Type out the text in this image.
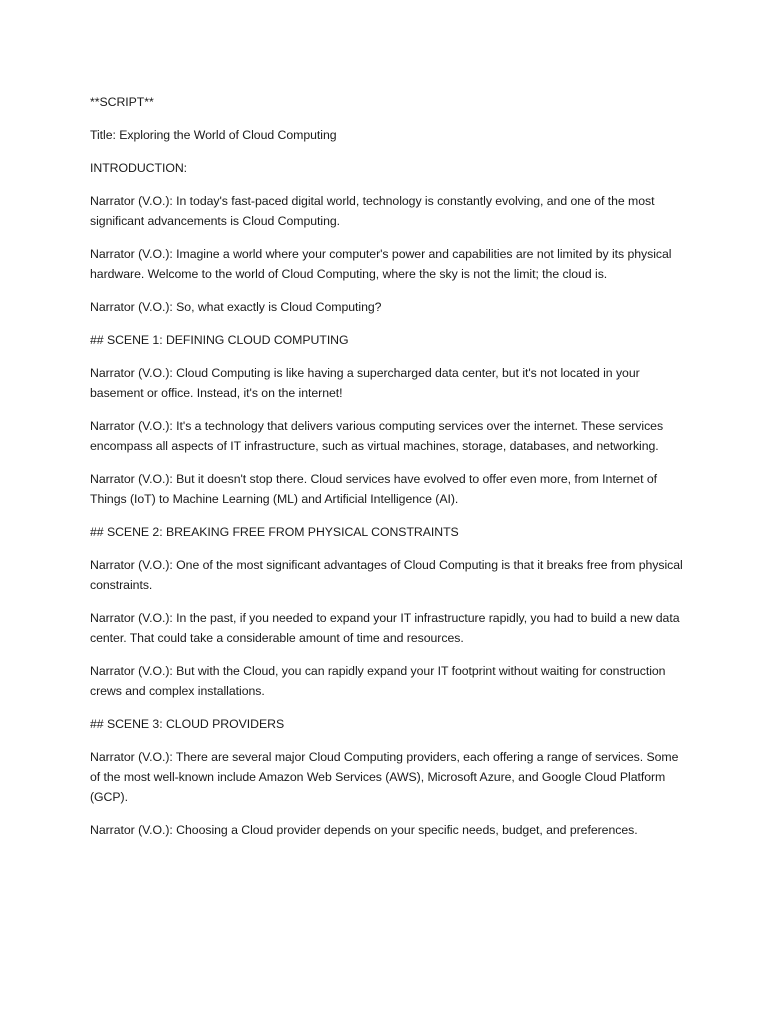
**SCRIPT**

Title: Exploring the World of Cloud Computing

INTRODUCTION:

Narrator (V.O.): In today's fast-paced digital world, technology is constantly evolving, and one of the most significant advancements is Cloud Computing.

Narrator (V.O.): Imagine a world where your computer's power and capabilities are not limited by its physical hardware. Welcome to the world of Cloud Computing, where the sky is not the limit; the cloud is.

Narrator (V.O.): So, what exactly is Cloud Computing?

## SCENE 1: DEFINING CLOUD COMPUTING

Narrator (V.O.): Cloud Computing is like having a supercharged data center, but it's not located in your basement or office. Instead, it's on the internet!

Narrator (V.O.): It's a technology that delivers various computing services over the internet. These services encompass all aspects of IT infrastructure, such as virtual machines, storage, databases, and networking.

Narrator (V.O.): But it doesn't stop there. Cloud services have evolved to offer even more, from Internet of Things (IoT) to Machine Learning (ML) and Artificial Intelligence (AI).

## SCENE 2: BREAKING FREE FROM PHYSICAL CONSTRAINTS

Narrator (V.O.): One of the most significant advantages of Cloud Computing is that it breaks free from physical constraints.

Narrator (V.O.): In the past, if you needed to expand your IT infrastructure rapidly, you had to build a new data center. That could take a considerable amount of time and resources.

Narrator (V.O.): But with the Cloud, you can rapidly expand your IT footprint without waiting for construction crews and complex installations.

## SCENE 3: CLOUD PROVIDERS

Narrator (V.O.): There are several major Cloud Computing providers, each offering a range of services. Some of the most well-known include Amazon Web Services (AWS), Microsoft Azure, and Google Cloud Platform (GCP).

Narrator (V.O.): Choosing a Cloud provider depends on your specific needs, budget, and preferences.
